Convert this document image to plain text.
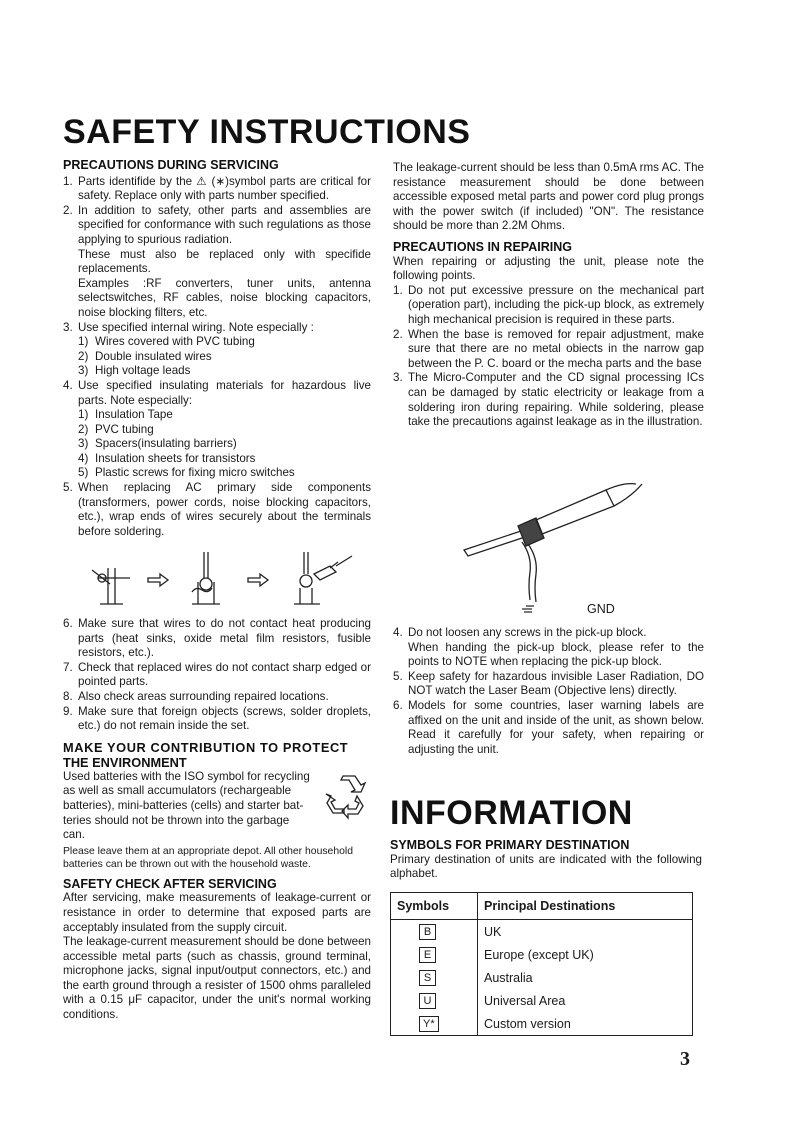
SAFETY INSTRUCTIONS
PRECAUTIONS DURING SERVICING
1. Parts identifide by the ⚠ (∗)symbol parts are critical for safety. Replace only with parts number specified.
2. In addition to safety, other parts and assemblies are specified for conformance with such regulations as those applying to spurious radiation.

These must also be replaced only with specifide replacements.

Examples :RF converters, tuner units, antenna selectswitches, RF cables, noise blocking capacitors, noise blocking filters, etc.

3. Use specified internal wiring. Note especially :
1) Wires covered with PVC tubing
2) Double insulated wires
3) High voltage leads
4. Use specified insulating materials for hazardous live parts. Note especially:
1) Insulation Tape
2) PVC tubing
3) Spacers(insulating barriers)
4) Insulation sheets for transistors
5) Plastic screws for fixing micro switches
5. When replacing AC primary side components (transformers, power cords, noise blocking capacitors, etc.), wrap ends of wires securely about the terminals before soldering.
6. Make sure that wires to do not contact heat producing parts (heat sinks, oxide metal film resistors, fusible resistors, etc.).
7. Check that replaced wires do not contact sharp edged or pointed parts.
8. Also check areas surrounding repaired locations.
9. Make sure that foreign objects (screws, solder droplets, etc.) do not remain inside the set.
MAKE YOUR CONTRIBUTION TO PROTECT
THE ENVIRONMENT

Used batteries with the ISO symbol for recycling

as well as small accumulators (rechargeable

batteries), mini-batteries (cells) and starter bat-

teries should not be thrown into the garbage

can.

Please leave them at an appropriate depot. All other household batteries can be thrown out with the household waste.

SAFETY CHECK AFTER SERVICING

After servicing, make measurements of leakage-current or resistance in order to determine that exposed parts are acceptably insulated from the supply circuit.

The leakage-current measurement should be done between accessible metal parts (such as chassis, ground terminal, microphone jacks, signal input/output connectors, etc.) and the earth ground through a resister of 1500 ohms paralleled with a 0.15 μF capacitor, under the unit's normal working conditions.

The leakage-current should be less than 0.5mA rms AC. The resistance measurement should be done between accessible exposed metal parts and power cord plug prongs with the power switch (if included) "ON". The resistance should be more than 2.2M Ohms.

PRECAUTIONS IN REPAIRING

When repairing or adjusting the unit, please note the following points.

1. Do not put excessive pressure on the mechanical part (operation part), including the pick-up block, as extremely high mechanical precision is required in these parts.
2. When the base is removed for repair adjustment, make sure that there are no metal obiects in the narrow gap between the P. C. board or the mecha parts and the base
3. The Micro-Computer and the CD signal processing ICs can be damaged by static electricity or leakage from a soldering iron during repairing. While soldering, please take the precautions against leakage as in the illustration.
GND
4. Do not loosen any screws in the pick-up block.
When handing the pick-up block, please refer to the points to NOTE when replacing the pick-up block.
5. Keep safety for hazardous invisible Laser Radiation, DO NOT watch the Laser Beam (Objective lens) directly.
6. Models for some countries, laser warning labels are affixed on the unit and inside of the unit, as shown below. Read it carefully for your safety, when repairing or adjusting the unit.
INFORMATION
SYMBOLS FOR PRIMARY DESTINATION

Primary destination of units are indicated with the following alphabet.

Symbols	Principal Destinations
B	UK
E	Europe (except UK)
S	Australia
U	Universal Area
Y*	Custom version
3
